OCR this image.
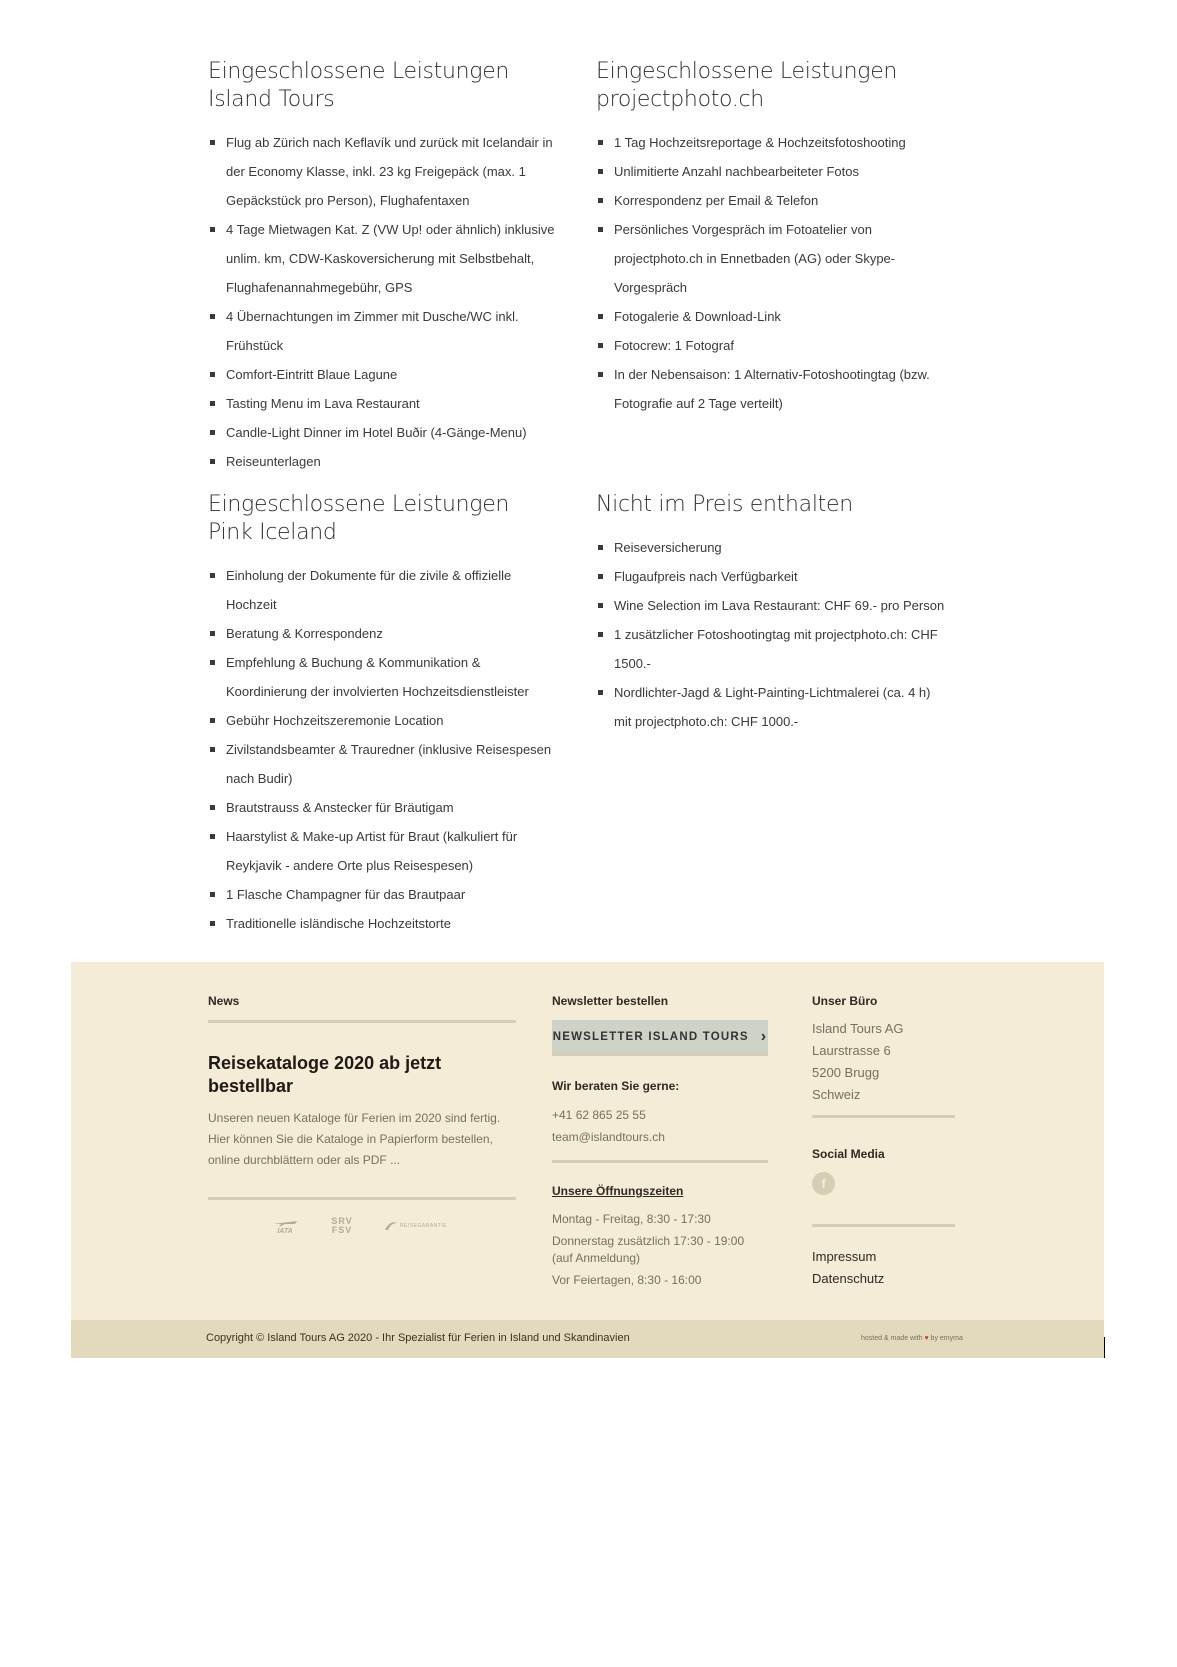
Eingeschlossene Leistungen Island Tours
Flug ab Zürich nach Keflavík und zurück mit Icelandair in der Economy Klasse, inkl. 23 kg Freigepäck (max. 1 Gepäckstück pro Person), Flughafentaxen
4 Tage Mietwagen Kat. Z (VW Up! oder ähnlich) inklusive unlim. km, CDW-Kaskoversicherung mit Selbstbehalt, Flughafenannahmegebühr, GPS
4 Übernachtungen im Zimmer mit Dusche/WC inkl. Frühstück
Comfort-Eintritt Blaue Lagune
Tasting Menu im Lava Restaurant
Candle-Light Dinner im Hotel Buðir (4-Gänge-Menu)
Reiseunterlagen
Eingeschlossene Leistungen projectphoto.ch
1 Tag Hochzeitsreportage & Hochzeitsfotoshooting
Unlimitierte Anzahl nachbearbeiteter Fotos
Korrespondenz per Email & Telefon
Persönliches Vorgespräch im Fotoatelier von projectphoto.ch in Ennetbaden (AG) oder Skype-Vorgespräch
Fotogalerie & Download-Link
Fotocrew: 1 Fotograf
In der Nebensaison: 1 Alternativ-Fotoshootingtag (bzw. Fotografie auf 2 Tage verteilt)
Eingeschlossene Leistungen Pink Iceland
Einholung der Dokumente für die zivile & offizielle Hochzeit
Beratung & Korrespondenz
Empfehlung & Buchung & Kommunikation & Koordinierung der involvierten Hochzeitsdienstleister
Gebühr Hochzeitszeremonie Location
Zivilstandsbeamter & Trauredner (inklusive Reisespesen nach Budir)
Brautstrauss & Anstecker für Bräutigam
Haarstylist & Make-up Artist für Braut (kalkuliert für Reykjavik - andere Orte plus Reisespesen)
1 Flasche Champagner für das Brautpaar
Traditionelle isländische Hochzeitstorte
Nicht im Preis enthalten
Reiseversicherung
Flugaufpreis nach Verfügbarkeit
Wine Selection im Lava Restaurant: CHF 69.- pro Person
1 zusätzlicher Fotoshootingtag mit projectphoto.ch: CHF 1500.-
Nordlichter-Jagd & Light-Painting-Lichtmalerei (ca. 4 h) mit projectphoto.ch: CHF 1000.-
News
Reisekataloge 2020 ab jetzt bestellbar
Unseren neuen Kataloge für Ferien im 2020 sind fertig. Hier können Sie die Kataloge in Papierform bestellen, online durchblättern oder als PDF ...
IATA
SRV FSV	REISEGARANTIE
Newsletter bestellen
NEWSLETTER ISLAND TOURS ›
Wir beraten Sie gerne:
+41 62 865 25 55
team@islandtours.ch
Unsere Öffnungszeiten
Montag - Freitag, 8:30 - 17:30
Donnerstag zusätzlich 17:30 - 19:00 (auf Anmeldung)
Vor Feiertagen, 8:30 - 16:00
Unser Büro
Island Tours AG
Laurstrasse 6
5200 Brugg
Schweiz
Social Media
f
Impressum
Datenschutz
Copyright © Island Tours AG 2020 - Ihr Spezialist für Ferien in Island und Skandinavien	hosted & made with ♥ by emyma
